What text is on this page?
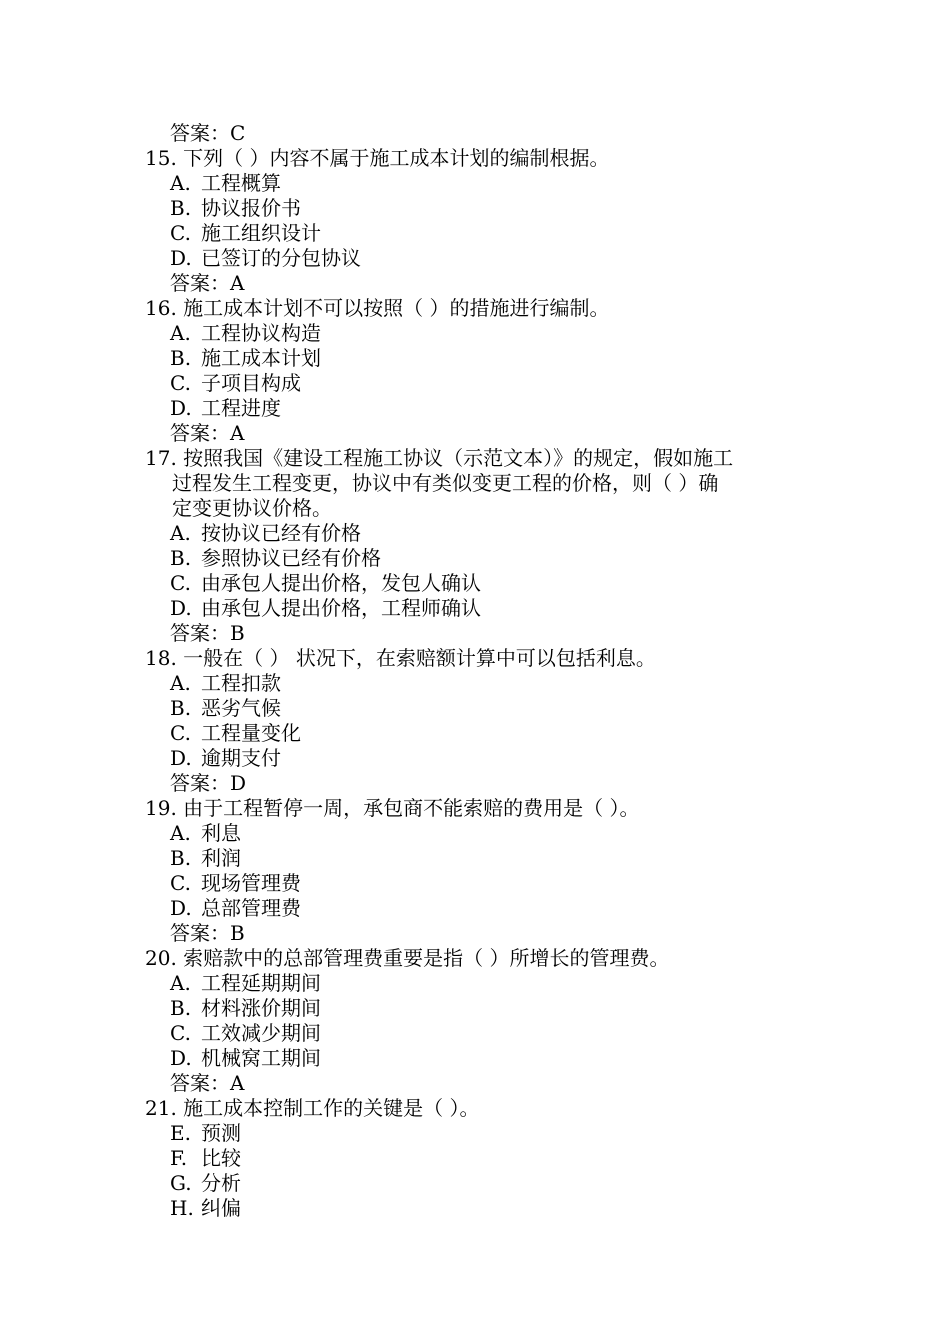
答案：C
15. 下列（ ）内容不属于施工成本计划的编制根据。
A. 工程概算
B. 协议报价书
C. 施工组织设计
D. 已签订的分包协议
答案：A
16. 施工成本计划不可以按照（ ）的措施进行编制。
A. 工程协议构造
B. 施工成本计划
C. 子项目构成
D. 工程进度
答案：A
17. 按照我国《建设工程施工协议（示范文本）》的规定，假如施工
过程发生工程变更，协议中有类似变更工程的价格，则（ ）确
定变更协议价格。
A. 按协议已经有价格
B. 参照协议已经有价格
C. 由承包人提出价格，发包人确认
D. 由承包人提出价格，工程师确认
答案：B
18. 一般在（ ） 状况下，在索赔额计算中可以包括利息。
A. 工程扣款
B. 恶劣气候
C. 工程量变化
D. 逾期支付
答案：D
19. 由于工程暂停一周，承包商不能索赔的费用是（ ）。
A. 利息
B. 利润
C. 现场管理费
D. 总部管理费
答案：B
20. 索赔款中的总部管理费重要是指（ ）所增长的管理费。
A. 工程延期期间
B. 材料涨价期间
C. 工效减少期间
D. 机械窝工期间
答案：A
21. 施工成本控制工作的关键是（ ）。
E. 预测
F. 比较
G. 分析
H. 纠偏
